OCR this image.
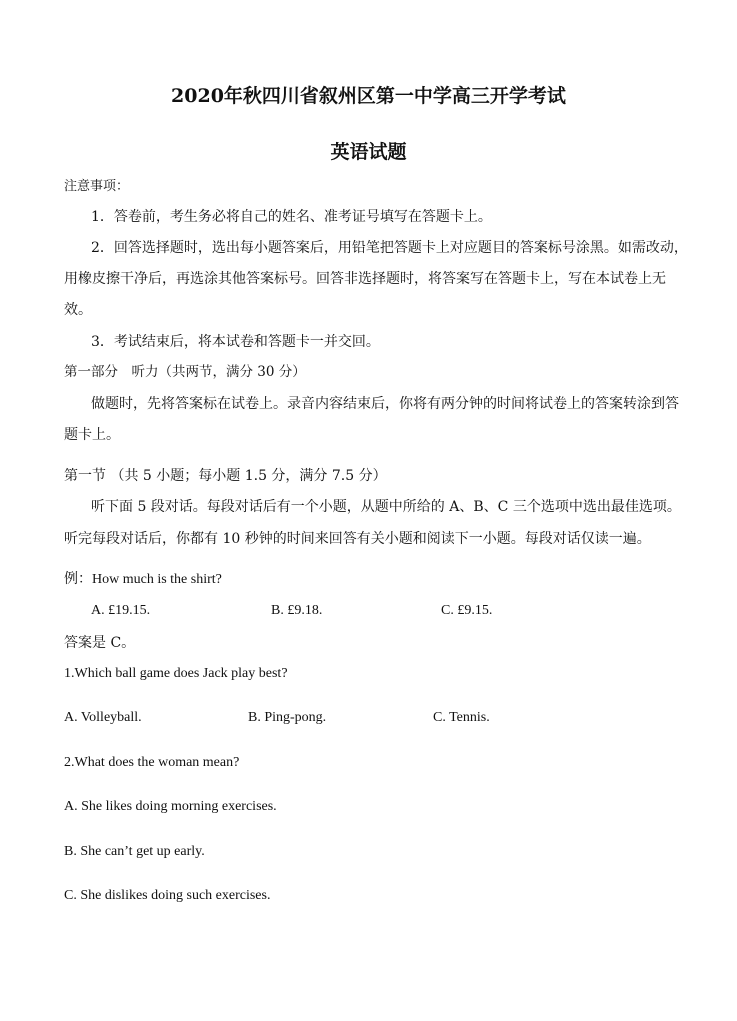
2020年秋四川省叙州区第一中学高三开学考试
英语试题
注意事项：
1．答卷前，考生务必将自己的姓名、准考证号填写在答题卡上。
2．回答选择题时，选出每小题答案后，用铅笔把答题卡上对应题目的答案标号涂黑。如需改动，
用橡皮擦干净后，再选涂其他答案标号。回答非选择题时，将答案写在答题卡上，写在本试卷上无
效。
3．考试结束后，将本试卷和答题卡一并交回。
第一部分　听力（共两节，满分 30 分）
做题时，先将答案标在试卷上。录音内容结束后，你将有两分钟的时间将试卷上的答案转涂到答
题卡上。
第一节 （共 5 小题；每小题 1.5 分，满分 7.5 分）
听下面 5 段对话。每段对话后有一个小题，从题中所给的 A、B、C 三个选项中选出最佳选项。
听完每段对话后，你都有 10 秒钟的时间来回答有关小题和阅读下一小题。每段对话仅读一遍。
例：How much is the shirt?
A. £19.15.	B. £9.18.	C. £9.15.
答案是 C。
1.Which ball game does Jack play best?
A. Volleyball.	B. Ping-pong.	C. Tennis.
2.What does the woman mean?
A. She likes doing morning exercises.
B. She can’t get up early.
C. She dislikes doing such exercises.
